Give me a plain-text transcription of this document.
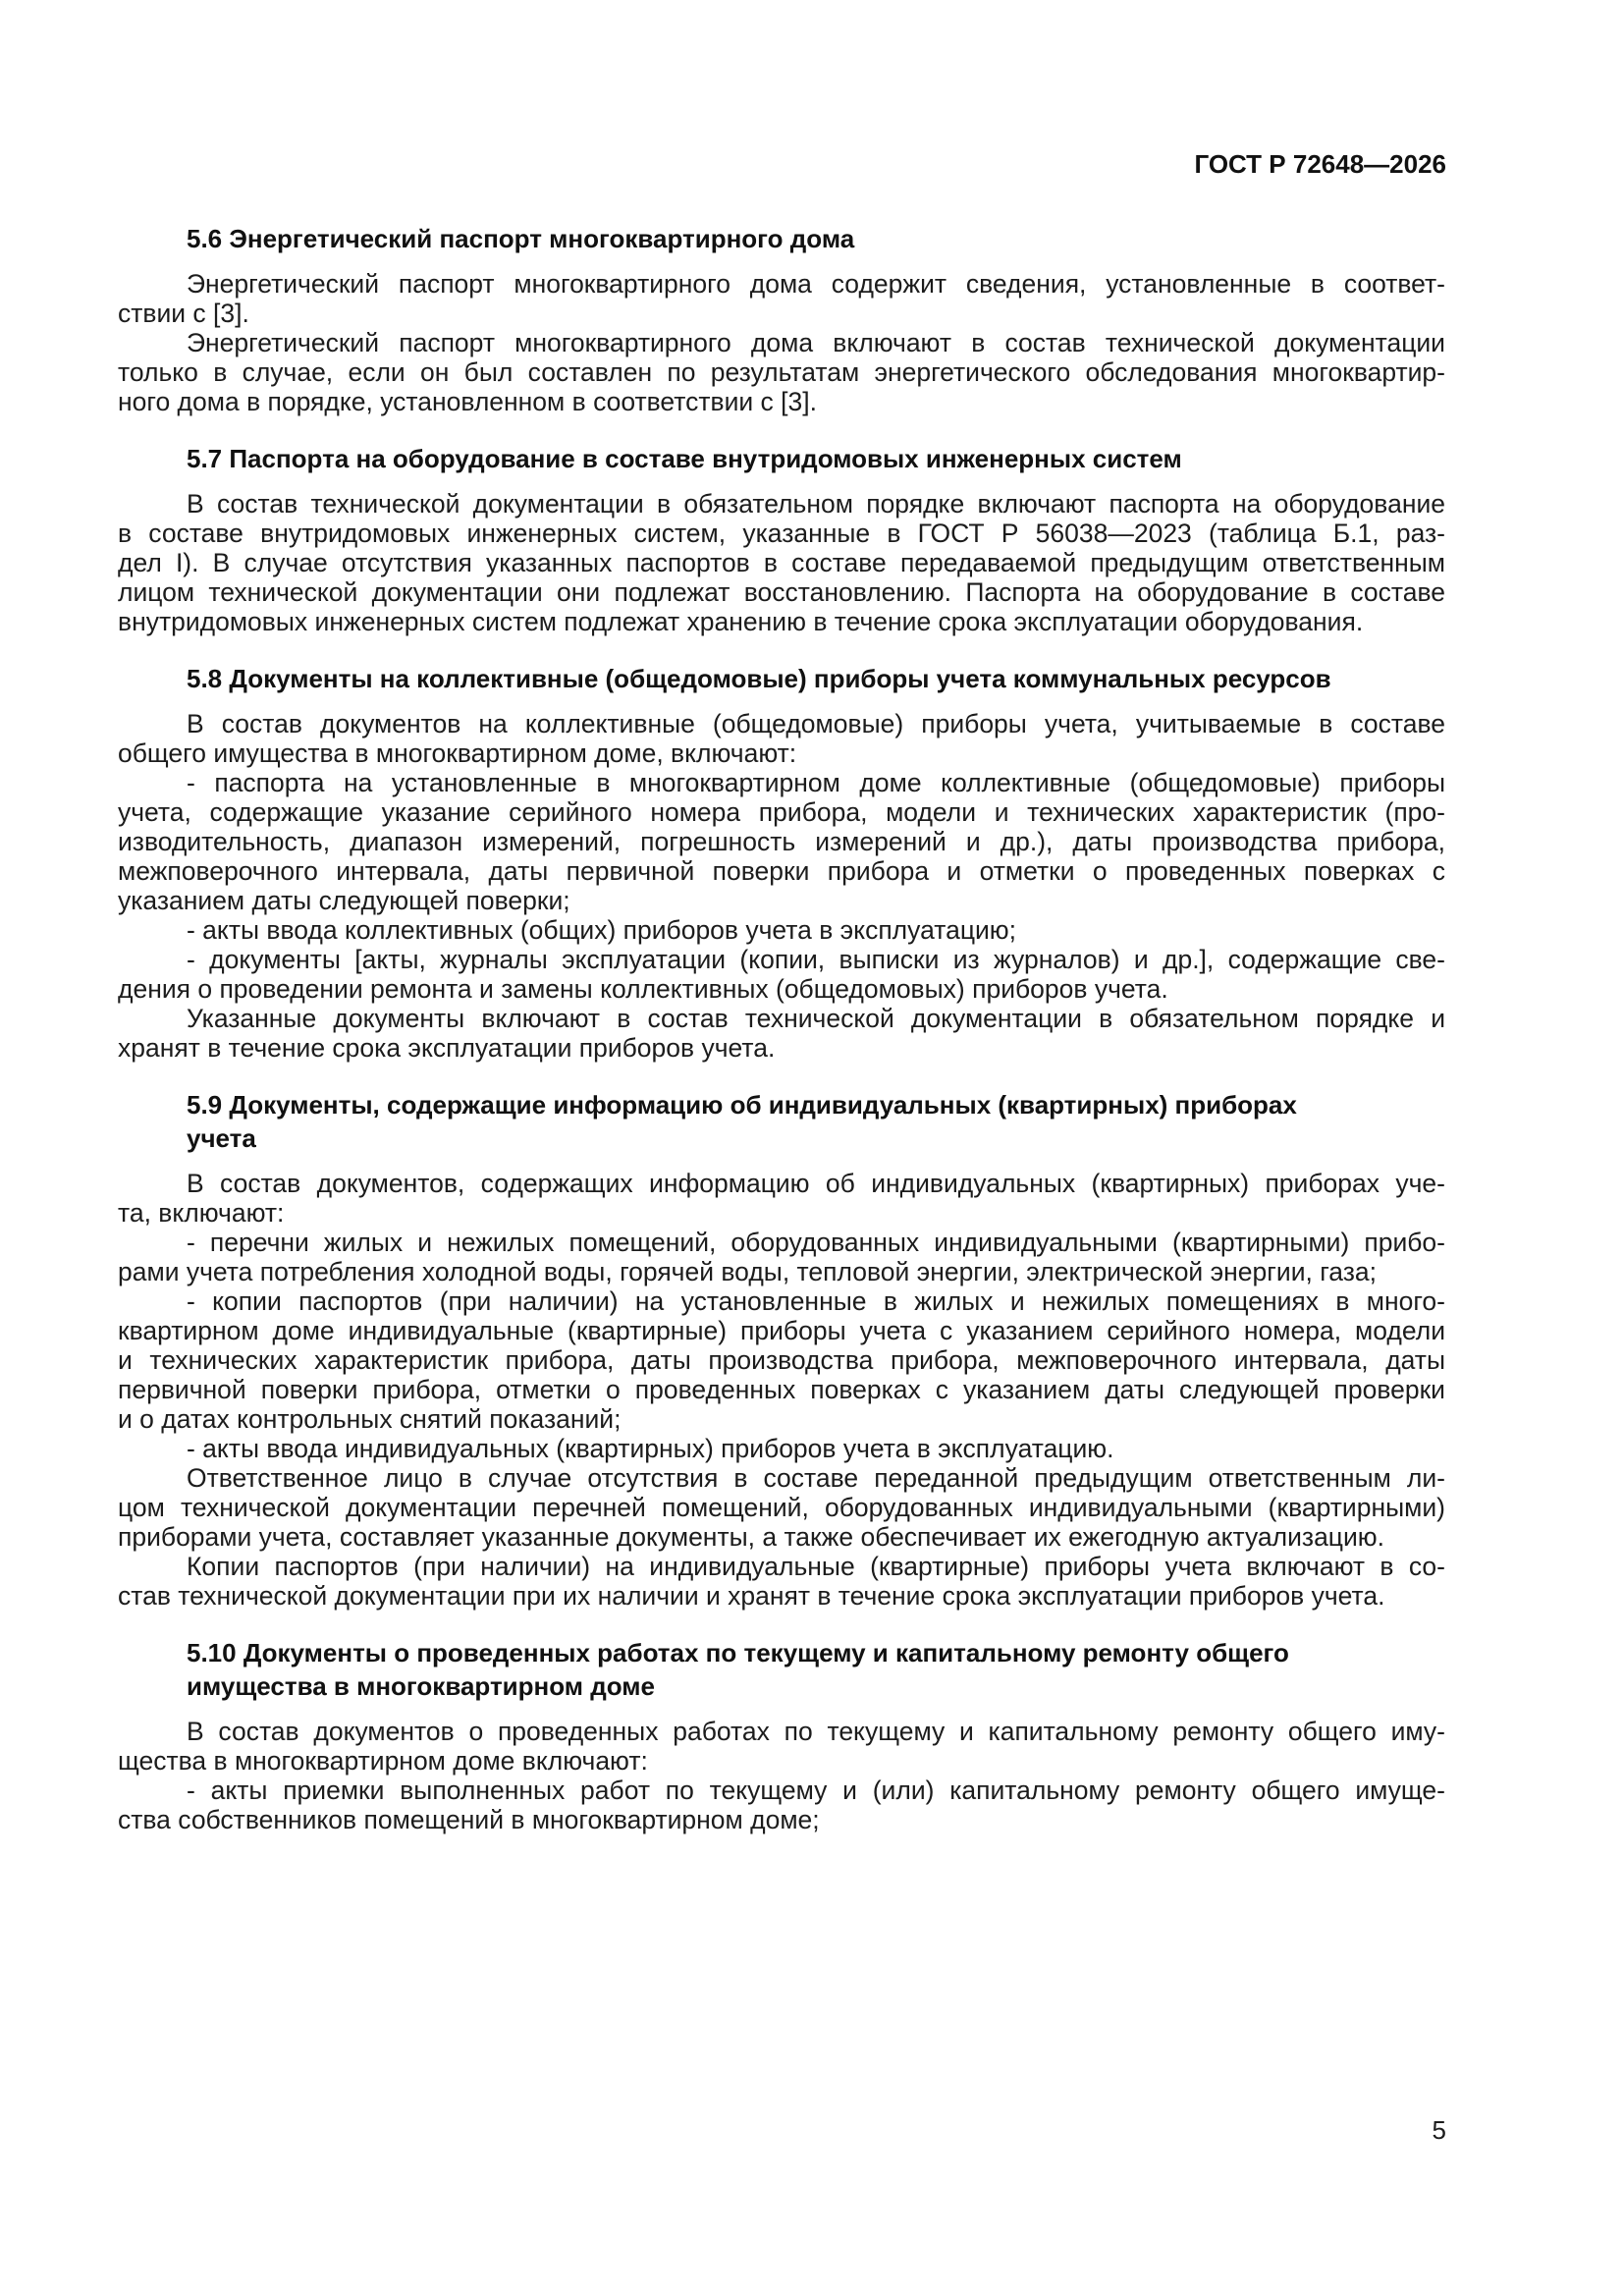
ГОСТ Р 72648—2026
5.6 Энергетический паспорт многоквартирного дома
Энергетический паспорт многоквартирного дома содержит сведения, установленные в соответ-
ствии с [3].
Энергетический паспорт многоквартирного дома включают в состав технической документации
только в случае, если он был составлен по результатам энергетического обследования многоквартир-
ного дома в порядке, установленном в соответствии с [3].
5.7 Паспорта на оборудование в составе внутридомовых инженерных систем
В состав технической документации в обязательном порядке включают паспорта на оборудование
в составе внутридомовых инженерных систем, указанные в ГОСТ Р 56038—2023 (таблица Б.1, раз-
дел I). В случае отсутствия указанных паспортов в составе передаваемой предыдущим ответственным
лицом технической документации они подлежат восстановлению. Паспорта на оборудование в составе
внутридомовых инженерных систем подлежат хранению в течение срока эксплуатации оборудования.
5.8 Документы на коллективные (общедомовые) приборы учета коммунальных ресурсов
В состав документов на коллективные (общедомовые) приборы учета, учитываемые в составе
общего имущества в многоквартирном доме, включают:
- паспорта на установленные в многоквартирном доме коллективные (общедомовые) приборы
учета, содержащие указание серийного номера прибора, модели и технических характеристик (про-
изводительность, диапазон измерений, погрешность измерений и др.), даты производства прибора,
межповерочного интервала, даты первичной поверки прибора и отметки о проведенных поверках с
указанием даты следующей поверки;
- акты ввода коллективных (общих) приборов учета в эксплуатацию;
- документы [акты, журналы эксплуатации (копии, выписки из журналов) и др.], содержащие све-
дения о проведении ремонта и замены коллективных (общедомовых) приборов учета.
Указанные документы включают в состав технической документации в обязательном порядке и
хранят в течение срока эксплуатации приборов учета.
5.9 Документы, содержащие информацию об индивидуальных (квартирных) приборах
учета
В состав документов, содержащих информацию об индивидуальных (квартирных) приборах уче-
та, включают:
- перечни жилых и нежилых помещений, оборудованных индивидуальными (квартирными) прибо-
рами учета потребления холодной воды, горячей воды, тепловой энергии, электрической энергии, газа;
- копии паспортов (при наличии) на установленные в жилых и нежилых помещениях в много-
квартирном доме индивидуальные (квартирные) приборы учета с указанием серийного номера, модели
и технических характеристик прибора, даты производства прибора, межповерочного интервала, даты
первичной поверки прибора, отметки о проведенных поверках с указанием даты следующей проверки
и о датах контрольных снятий показаний;
- акты ввода индивидуальных (квартирных) приборов учета в эксплуатацию.
Ответственное лицо в случае отсутствия в составе переданной предыдущим ответственным ли-
цом технической документации перечней помещений, оборудованных индивидуальными (квартирными)
приборами учета, составляет указанные документы, а также обеспечивает их ежегодную актуализацию.
Копии паспортов (при наличии) на индивидуальные (квартирные) приборы учета включают в со-
став технической документации при их наличии и хранят в течение срока эксплуатации приборов учета.
5.10 Документы о проведенных работах по текущему и капитальному ремонту общего
имущества в многоквартирном доме
В состав документов о проведенных работах по текущему и капитальному ремонту общего иму-
щества в многоквартирном доме включают:
- акты приемки выполненных работ по текущему и (или) капитальному ремонту общего имуще-
ства собственников помещений в многоквартирном доме;
5
